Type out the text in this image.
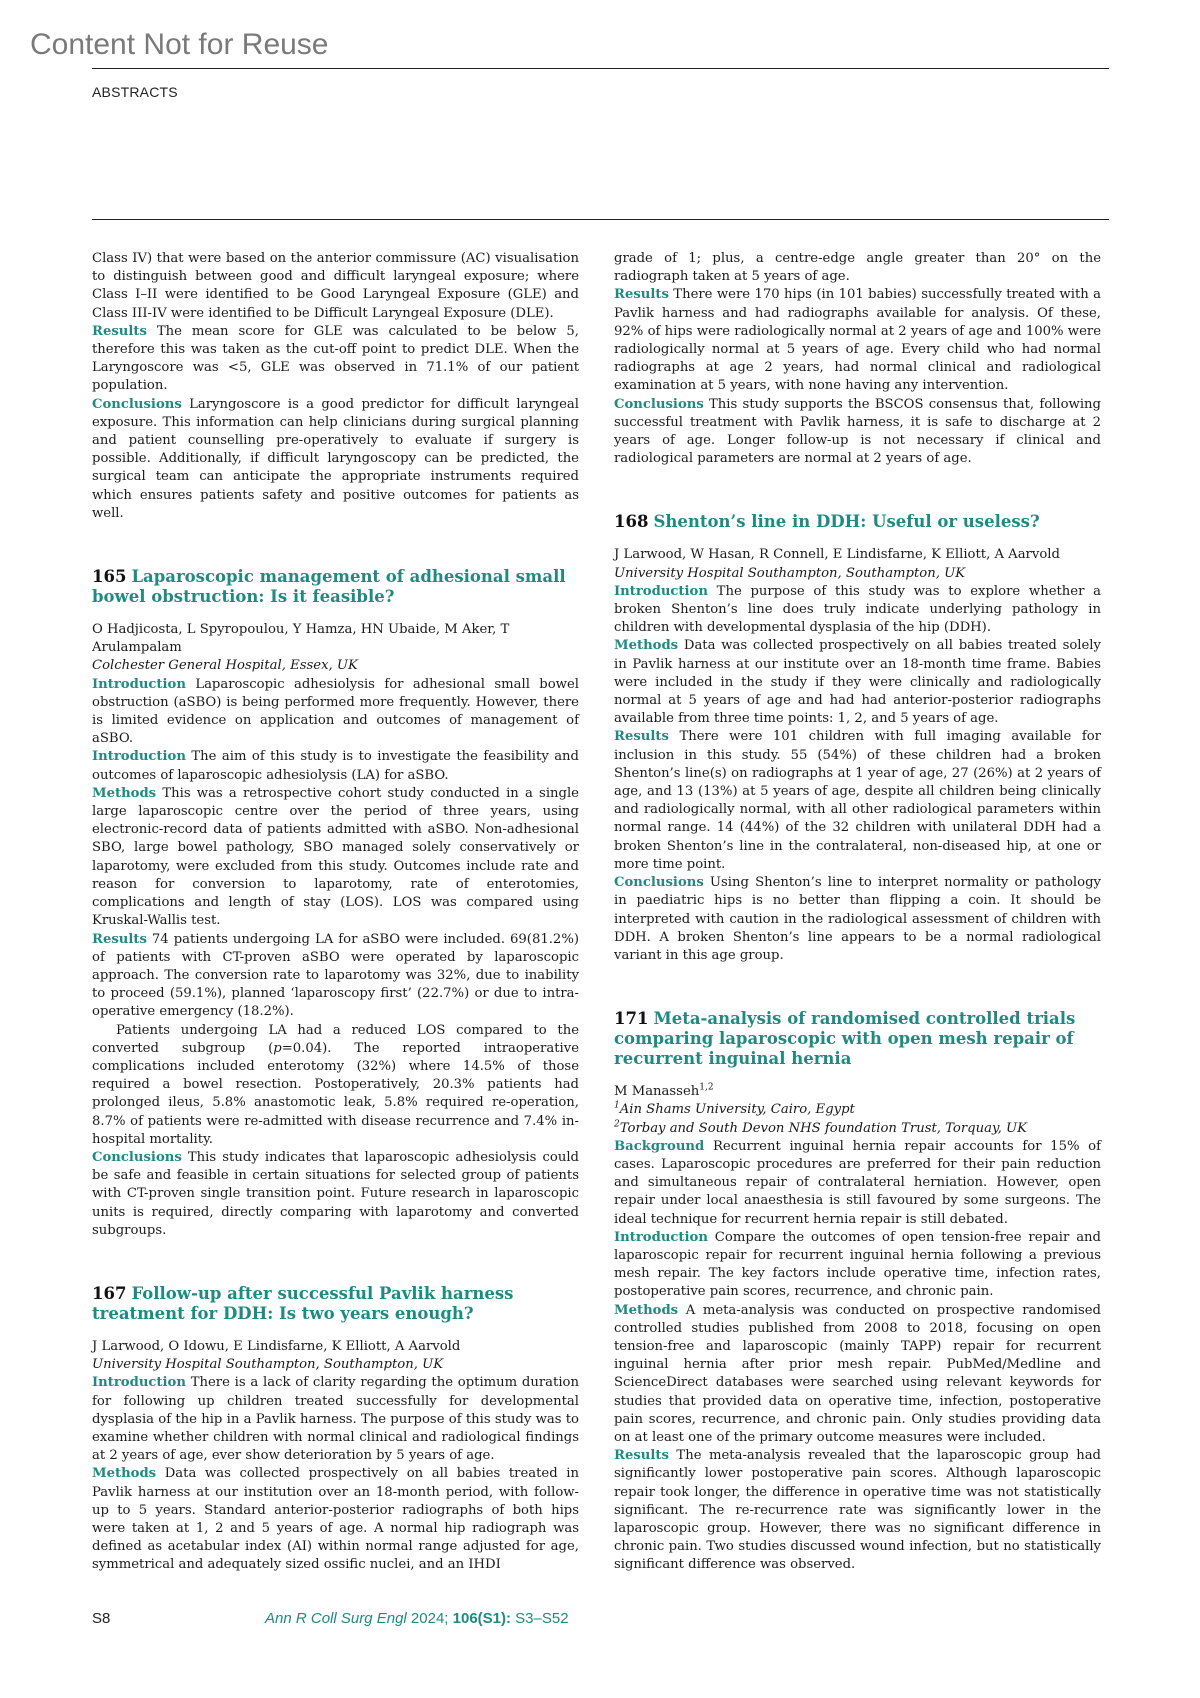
Content Not for Reuse
ABSTRACTS

Class IV) that were based on the anterior commissure (AC) visualisation to distinguish between good and difficult laryngeal exposure; where Class I–II were identified to be Good Laryngeal Exposure (GLE) and Class III-IV were identified to be Difficult Laryngeal Exposure (DLE).

Results The mean score for GLE was calculated to be below 5, therefore this was taken as the cut-off point to predict DLE. When the Laryngoscore was <5, GLE was observed in 71.1% of our patient population.

Conclusions Laryngoscore is a good predictor for difficult laryngeal exposure. This information can help clinicians during surgical planning and patient counselling pre-operatively to evaluate if surgery is possible. Additionally, if difficult laryngoscopy can be predicted, the surgical team can anticipate the appropriate instruments required which ensures patients safety and positive outcomes for patients as well.

165 Laparoscopic management of adhesional small bowel obstruction: Is it feasible?

O Hadjicosta, L Spyropoulou, Y Hamza, HN Ubaide, M Aker, T Arulampalam

Colchester General Hospital, Essex, UK

Introduction Laparoscopic adhesiolysis for adhesional small bowel obstruction (aSBO) is being performed more frequently. However, there is limited evidence on application and outcomes of management of aSBO.

Introduction The aim of this study is to investigate the feasibility and outcomes of laparoscopic adhesiolysis (LA) for aSBO.

Methods This was a retrospective cohort study conducted in a single large laparoscopic centre over the period of three years, using electronic-record data of patients admitted with aSBO. Non-adhesional SBO, large bowel pathology, SBO managed solely conservatively or laparotomy, were excluded from this study. Outcomes include rate and reason for conversion to laparotomy, rate of enterotomies, complications and length of stay (LOS). LOS was compared using Kruskal-Wallis test.

Results 74 patients undergoing LA for aSBO were included. 69(81.2%) of patients with CT-proven aSBO were operated by laparoscopic approach. The conversion rate to laparotomy was 32%, due to inability to proceed (59.1%), planned ‘laparoscopy first’ (22.7%) or due to intra-operative emergency (18.2%).

Patients undergoing LA had a reduced LOS compared to the converted subgroup (p=0.04). The reported intraoperative complications included enterotomy (32%) where 14.5% of those required a bowel resection. Postoperatively, 20.3% patients had prolonged ileus, 5.8% anastomotic leak, 5.8% required re-operation, 8.7% of patients were re-admitted with disease recurrence and 7.4% in-hospital mortality.

Conclusions This study indicates that laparoscopic adhesiolysis could be safe and feasible in certain situations for selected group of patients with CT-proven single transition point. Future research in laparoscopic units is required, directly comparing with laparotomy and converted subgroups.

167 Follow-up after successful Pavlik harness treatment for DDH: Is two years enough?

J Larwood, O Idowu, E Lindisfarne, K Elliott, A Aarvold

University Hospital Southampton, Southampton, UK

Introduction There is a lack of clarity regarding the optimum duration for following up children treated successfully for developmental dysplasia of the hip in a Pavlik harness. The purpose of this study was to examine whether children with normal clinical and radiological findings at 2 years of age, ever show deterioration by 5 years of age.

Methods Data was collected prospectively on all babies treated in Pavlik harness at our institution over an 18-month period, with follow-up to 5 years. Standard anterior-posterior radiographs of both hips were taken at 1, 2 and 5 years of age. A normal hip radiograph was defined as acetabular index (AI) within normal range adjusted for age, symmetrical and adequately sized ossific nuclei, and an IHDI

grade of 1; plus, a centre-edge angle greater than 20° on the radiograph taken at 5 years of age.

Results There were 170 hips (in 101 babies) successfully treated with a Pavlik harness and had radiographs available for analysis. Of these, 92% of hips were radiologically normal at 2 years of age and 100% were radiologically normal at 5 years of age. Every child who had normal radiographs at age 2 years, had normal clinical and radiological examination at 5 years, with none having any intervention.

Conclusions This study supports the BSCOS consensus that, following successful treatment with Pavlik harness, it is safe to discharge at 2 years of age. Longer follow-up is not necessary if clinical and radiological parameters are normal at 2 years of age.

168 Shenton’s line in DDH: Useful or useless?

J Larwood, W Hasan, R Connell, E Lindisfarne, K Elliott, A Aarvold

University Hospital Southampton, Southampton, UK

Introduction The purpose of this study was to explore whether a broken Shenton’s line does truly indicate underlying pathology in children with developmental dysplasia of the hip (DDH).

Methods Data was collected prospectively on all babies treated solely in Pavlik harness at our institute over an 18-month time frame. Babies were included in the study if they were clinically and radiologically normal at 5 years of age and had had anterior-posterior radiographs available from three time points: 1, 2, and 5 years of age.

Results There were 101 children with full imaging available for inclusion in this study. 55 (54%) of these children had a broken Shenton’s line(s) on radiographs at 1 year of age, 27 (26%) at 2 years of age, and 13 (13%) at 5 years of age, despite all children being clinically and radiologically normal, with all other radiological parameters within normal range. 14 (44%) of the 32 children with unilateral DDH had a broken Shenton’s line in the contralateral, non-diseased hip, at one or more time point.

Conclusions Using Shenton’s line to interpret normality or pathology in paediatric hips is no better than flipping a coin. It should be interpreted with caution in the radiological assessment of children with DDH. A broken Shenton’s line appears to be a normal radiological variant in this age group.

171 Meta-analysis of randomised controlled trials comparing laparoscopic with open mesh repair of recurrent inguinal hernia

M Manasseh$^{1,2}$

$^1$Ain Shams University, Cairo, Egypt

$^2$Torbay and South Devon NHS foundation Trust, Torquay, UK

Background Recurrent inguinal hernia repair accounts for 15% of cases. Laparoscopic procedures are preferred for their pain reduction and simultaneous repair of contralateral herniation. However, open repair under local anaesthesia is still favoured by some surgeons. The ideal technique for recurrent hernia repair is still debated.

Introduction Compare the outcomes of open tension-free repair and laparoscopic repair for recurrent inguinal hernia following a previous mesh repair. The key factors include operative time, infection rates, postoperative pain scores, recurrence, and chronic pain.

Methods A meta-analysis was conducted on prospective randomised controlled studies published from 2008 to 2018, focusing on open tension-free and laparoscopic (mainly TAPP) repair for recurrent inguinal hernia after prior mesh repair. PubMed/Medline and ScienceDirect databases were searched using relevant keywords for studies that provided data on operative time, infection, postoperative pain scores, recurrence, and chronic pain. Only studies providing data on at least one of the primary outcome measures were included.

Results The meta-analysis revealed that the laparoscopic group had significantly lower postoperative pain scores. Although laparoscopic repair took longer, the difference in operative time was not statistically significant. The re-recurrence rate was significantly lower in the laparoscopic group. However, there was no significant difference in chronic pain. Two studies discussed wound infection, but no statistically significant difference was observed.

S8	Ann R Coll Surg Engl 2024; 106(S1): S3–S52
